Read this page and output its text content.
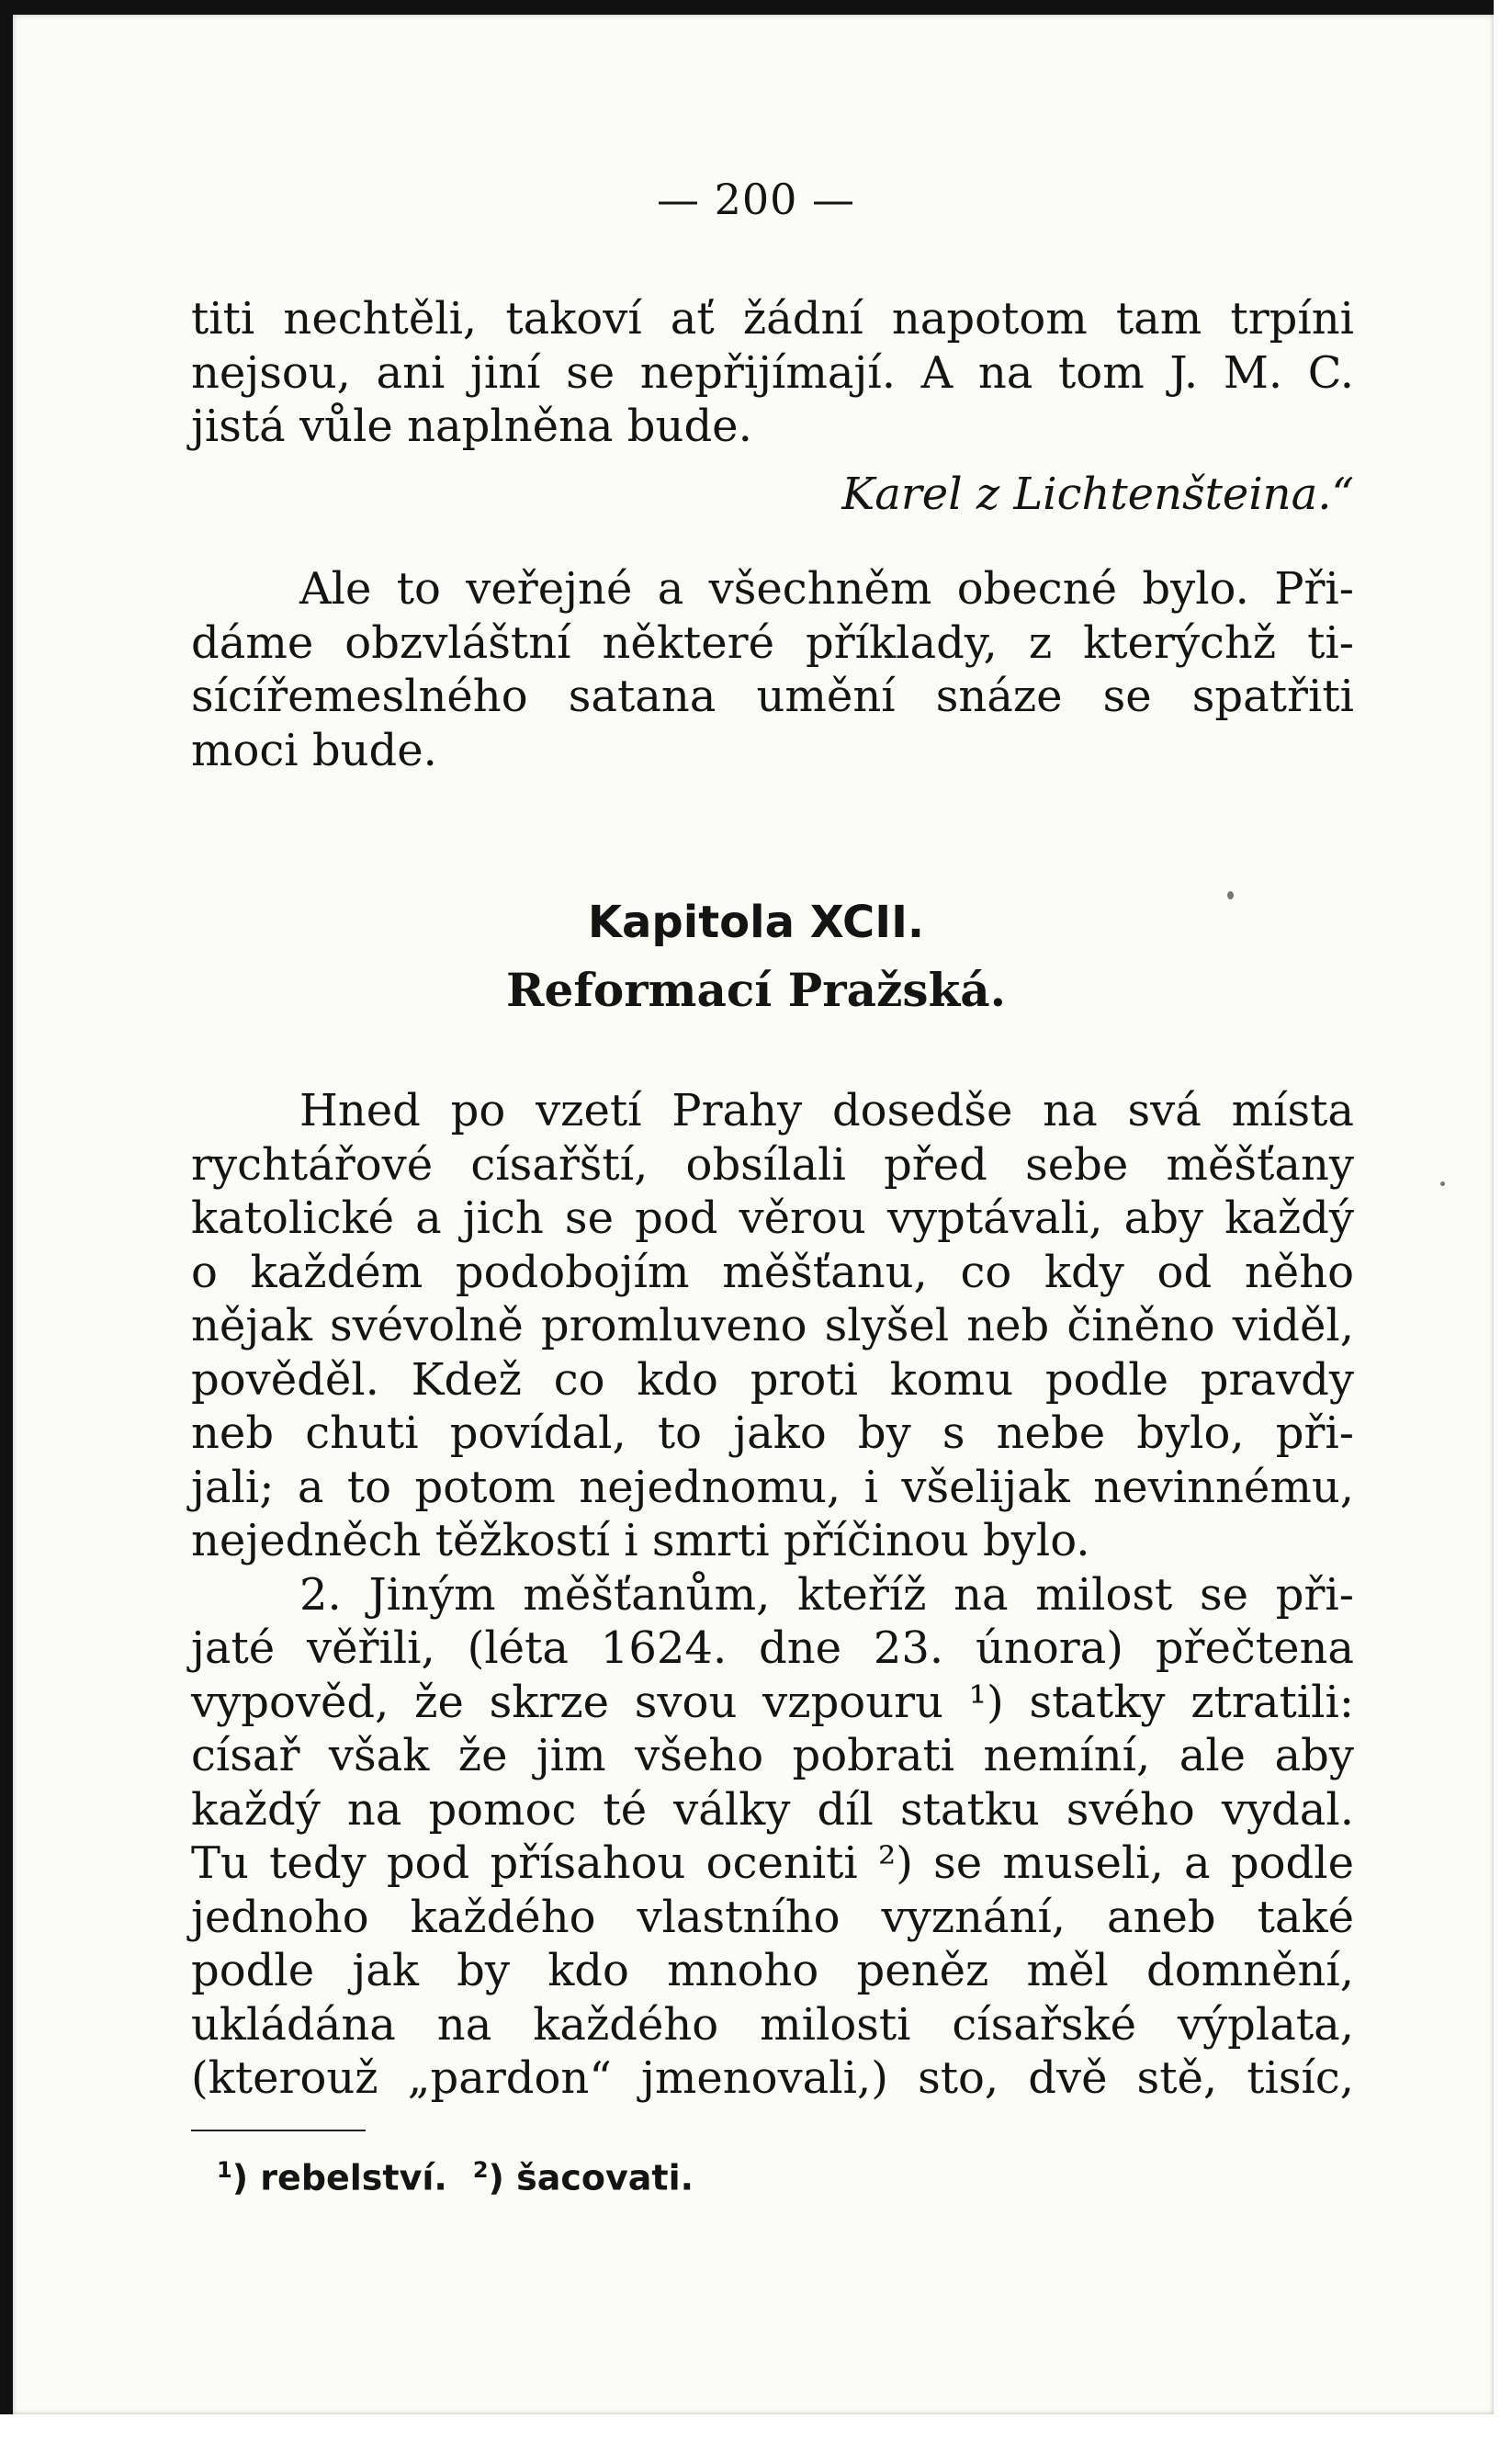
— 200 —
titi nechtěli, takoví ať žádní napotom tam trpíni
nejsou, ani jiní se nepřijímají. A na tom J. M. C.
jistá vůle naplněna bude.
Karel z Lichtenšteina.“
Ale to veřejné a všechněm obecné bylo. Při-
dáme obzvláštní některé příklady, z kterýchž ti-
sícířemeslného satana umění snáze se spatřiti
moci bude.
Kapitola XCII.
Reformací Pražská.
Hned po vzetí Prahy dosedše na svá místa
rychtářové císařští, obsílali před sebe měšťany
katolické a jich se pod věrou vyptávali, aby každý
o každém podobojím měšťanu, co kdy od něho
nějak svévolně promluveno slyšel neb činěno viděl,
pověděl. Kdež co kdo proti komu podle pravdy
neb chuti povídal, to jako by s nebe bylo, při-
jali; a to potom nejednomu, i všelijak nevinnému,
nejedněch těžkostí i smrti příčinou bylo.
2. Jiným měšťanům, kteříž na milost se při-
jaté věřili, (léta 1624. dne 23. února) přečtena
vypověd, že skrze svou vzpouru ¹) statky ztratili:
císař však že jim všeho pobrati nemíní, ale aby
každý na pomoc té války díl statku svého vydal.
Tu tedy pod přísahou oceniti ²) se museli, a podle
jednoho každého vlastního vyznání, aneb také
podle jak by kdo mnoho peněz měl domnění,
ukládána na každého milosti císařské výplata,
(kterouž „pardon“ jmenovali,) sto, dvě stě, tisíc,
$^1$) rebelství. $^2$) šacovati.
